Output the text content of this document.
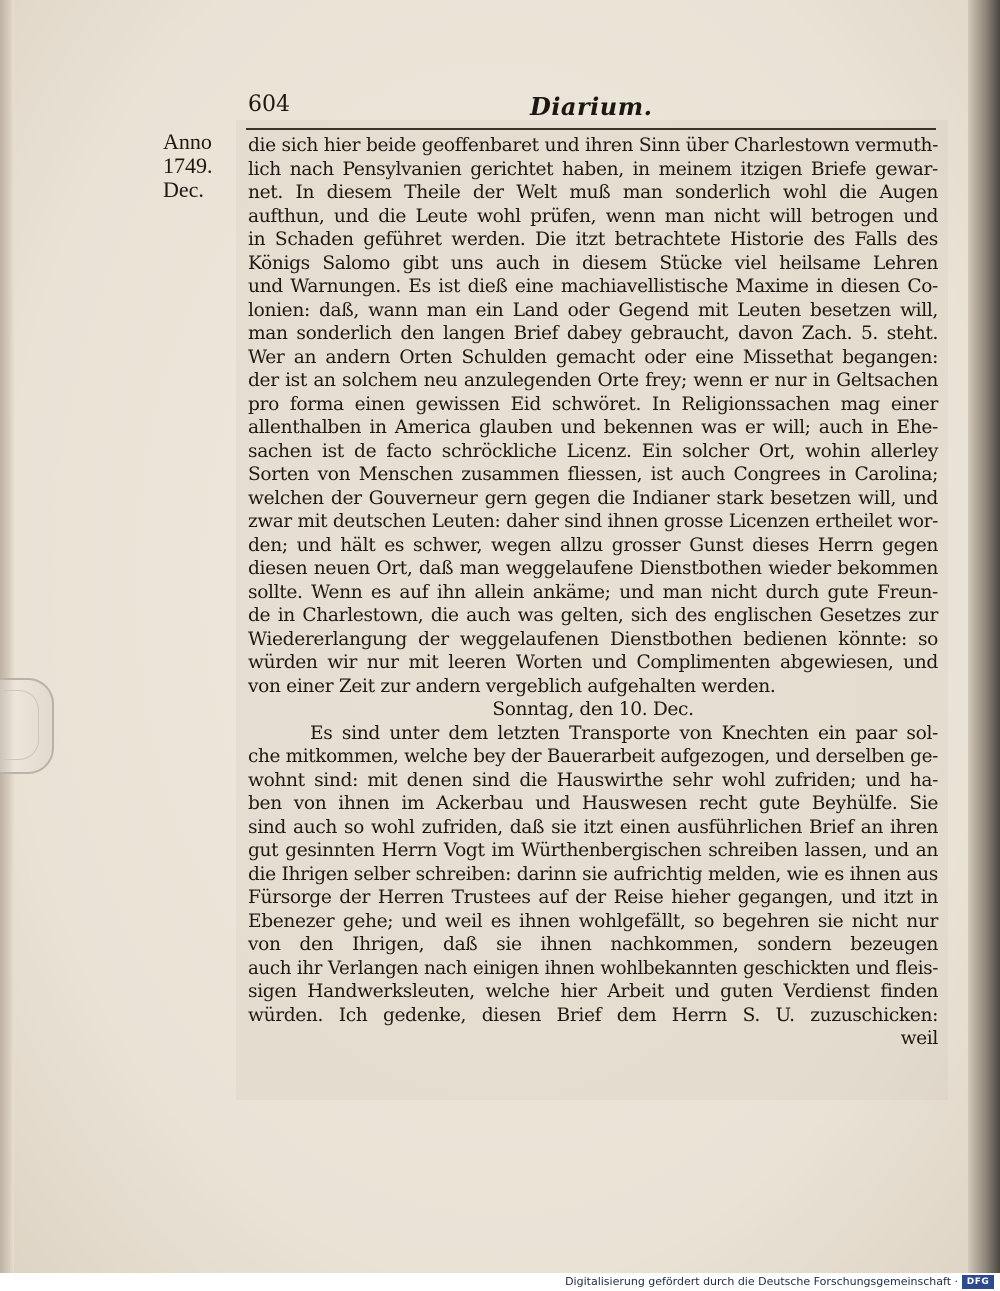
604	Diarium.
Anno
1749.
Dec.
die sich hier beide geoffenbaret und ihren Sinn über Charlestown vermuth-
lich nach Pensylvanien gerichtet haben, in meinem itzigen Briefe gewar-
net. In diesem Theile der Welt muß man sonderlich wohl die Augen
aufthun, und die Leute wohl prüfen, wenn man nicht will betrogen und
in Schaden geführet werden. Die itzt betrachtete Historie des Falls des
Königs Salomo gibt uns auch in diesem Stücke viel heilsame Lehren
und Warnungen. Es ist dieß eine machiavellistische Maxime in diesen Co-
lonien: daß, wann man ein Land oder Gegend mit Leuten besetzen will,
man sonderlich den langen Brief dabey gebraucht, davon Zach. 5. steht.
Wer an andern Orten Schulden gemacht oder eine Missethat begangen:
der ist an solchem neu anzulegenden Orte frey; wenn er nur in Geltsachen
pro forma einen gewissen Eid schwöret. In Religionssachen mag einer
allenthalben in America glauben und bekennen was er will; auch in Ehe-
sachen ist de facto schröckliche Licenz. Ein solcher Ort, wohin allerley
Sorten von Menschen zusammen fliessen, ist auch Congrees in Carolina;
welchen der Gouverneur gern gegen die Indianer stark besetzen will, und
zwar mit deutschen Leuten: daher sind ihnen grosse Licenzen ertheilet wor-
den; und hält es schwer, wegen allzu grosser Gunst dieses Herrn gegen
diesen neuen Ort, daß man weggelaufene Dienstbothen wieder bekommen
sollte. Wenn es auf ihn allein ankäme; und man nicht durch gute Freun-
de in Charlestown, die auch was gelten, sich des englischen Gesetzes zur
Wiedererlangung der weggelaufenen Dienstbothen bedienen könnte: so
würden wir nur mit leeren Worten und Complimenten abgewiesen, und
von einer Zeit zur andern vergeblich aufgehalten werden.
Sonntag, den 10. Dec.
Es sind unter dem letzten Transporte von Knechten ein paar sol-
che mitkommen, welche bey der Bauerarbeit aufgezogen, und derselben ge-
wohnt sind: mit denen sind die Hauswirthe sehr wohl zufriden; und ha-
ben von ihnen im Ackerbau und Hauswesen recht gute Beyhülfe. Sie
sind auch so wohl zufriden, daß sie itzt einen ausführlichen Brief an ihren
gut gesinnten Herrn Vogt im Würthenbergischen schreiben lassen, und an
die Ihrigen selber schreiben: darinn sie aufrichtig melden, wie es ihnen aus
Fürsorge der Herren Trustees auf der Reise hieher gegangen, und itzt in
Ebenezer gehe; und weil es ihnen wohlgefällt, so begehren sie nicht nur
von den Ihrigen, daß sie ihnen nachkommen, sondern bezeugen
auch ihr Verlangen nach einigen ihnen wohlbekannten geschickten und fleis-
sigen Handwerksleuten, welche hier Arbeit und guten Verdienst finden
würden. Ich gedenke, diesen Brief dem Herrn S. U. zuzuschicken:
weil
Digitalisierung gefördert durch die Deutsche Forschungsgemeinschaft · DFG
